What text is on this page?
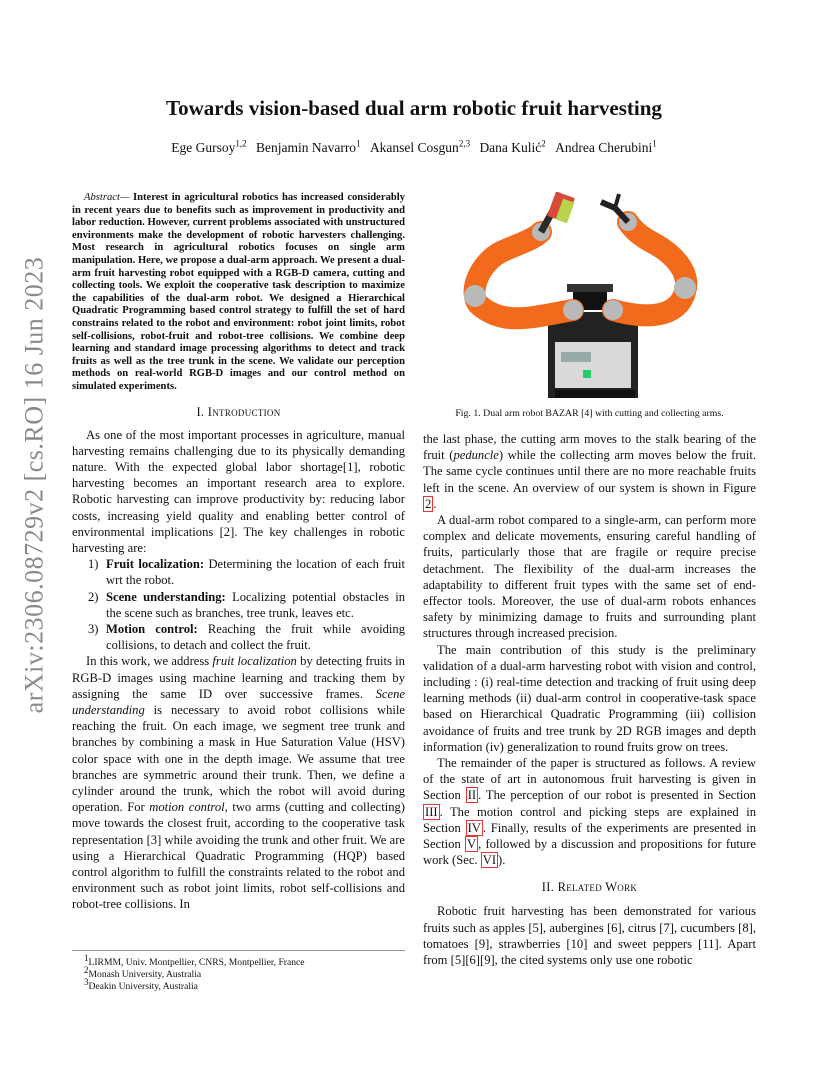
arXiv:2306.08729v2 [cs.RO] 16 Jun 2023
Towards vision-based dual arm robotic fruit harvesting
Ege Gursoy$^{1,2}$ Benjamin Navarro$^1$ Akansel Cosgun$^{2,3}$ Dana Kulić$^2$ Andrea Cherubini$^1$

Abstract— Interest in agricultural robotics has increased considerably in recent years due to benefits such as improvement in productivity and labor reduction. However, current problems associated with unstructured environments make the development of robotic harvesters challenging. Most research in agricultural robotics focuses on single arm manipulation. Here, we propose a dual-arm approach. We present a dual-arm fruit harvesting robot equipped with a RGB-D camera, cutting and collecting tools. We exploit the cooperative task description to maximize the capabilities of the dual-arm robot. We designed a Hierarchical Quadratic Programming based control strategy to fulfill the set of hard constrains related to the robot and environment: robot joint limits, robot self-collisions, robot-fruit and robot-tree collisions. We combine deep learning and standard image processing algorithms to detect and track fruits as well as the tree trunk in the scene. We validate our perception methods on real-world RGB-D images and our control method on simulated experiments.

I. Introduction

As one of the most important processes in agriculture, manual harvesting remains challenging due to its physically demanding nature. With the expected global labor shortage[1], robotic harvesting becomes an important research area to explore. Robotic harvesting can improve productivity by: reducing labor costs, increasing yield quality and enabling better control of environmental implications [2]. The key challenges in robotic harvesting are:

1) Fruit localization: Determining the location of each fruit wrt the robot.
2) Scene understanding: Localizing potential obstacles in the scene such as branches, tree trunk, leaves etc.
3) Motion control: Reaching the fruit while avoiding collisions, to detach and collect the fruit.

In this work, we address fruit localization by detecting fruits in RGB-D images using machine learning and tracking them by assigning the same ID over successive frames. Scene understanding is necessary to avoid robot collisions while reaching the fruit. On each image, we segment tree trunk and branches by combining a mask in Hue Saturation Value (HSV) color space with one in the depth image. We assume that tree branches are symmetric around their trunk. Then, we define a cylinder around the trunk, which the robot will avoid during operation. For motion control, two arms (cutting and collecting) move towards the closest fruit, according to the cooperative task representation [3] while avoiding the trunk and other fruit. We are using a Hierarchical Quadratic Programming (HQP) based control algorithm to fulfill the constraints related to the robot and environment such as robot joint limits, robot self-collisions and robot-tree collisions. In

$^1$LIRMM, Univ. Montpellier, CNRS, Montpellier, France
$^2$Monash University, Australia
$^3$Deakin University, Australia
Fig. 1. Dual arm robot BAZAR [4] with cutting and collecting arms.

the last phase, the cutting arm moves to the stalk bearing of the fruit (peduncle) while the collecting arm moves below the fruit. The same cycle continues until there are no more reachable fruits left in the scene. An overview of our system is shown in Figure 2 .

A dual-arm robot compared to a single-arm, can perform more complex and delicate movements, ensuring careful handling of fruits, particularly those that are fragile or require precise detachment. The flexibility of the dual-arm increases the adaptability to different fruit types with the same set of end-effector tools. Moreover, the use of dual-arm robots enhances safety by minimizing damage to fruits and surrounding plant structures through increased precision.

The main contribution of this study is the preliminary validation of a dual-arm harvesting robot with vision and control, including : (i) real-time detection and tracking of fruit using deep learning methods (ii) dual-arm control in cooperative-task space based on Hierarchical Quadratic Programming (iii) collision avoidance of fruits and tree trunk by 2D RGB images and depth information (iv) generalization to round fruits grow on trees.

The remainder of the paper is structured as follows. A review of the state of art in autonomous fruit harvesting is given in Section II . The perception of our robot is presented in Section III . The motion control and picking steps are explained in Section IV . Finally, results of the experiments are presented in Section V , followed by a discussion and propositions for future work (Sec. VI ).

II. Related Work

Robotic fruit harvesting has been demonstrated for various fruits such as apples [5], aubergines [6], citrus [7], cucumbers [8], tomatoes [9], strawberries [10] and sweet peppers [11]. Apart from [5][6][9], the cited systems only use one robotic
